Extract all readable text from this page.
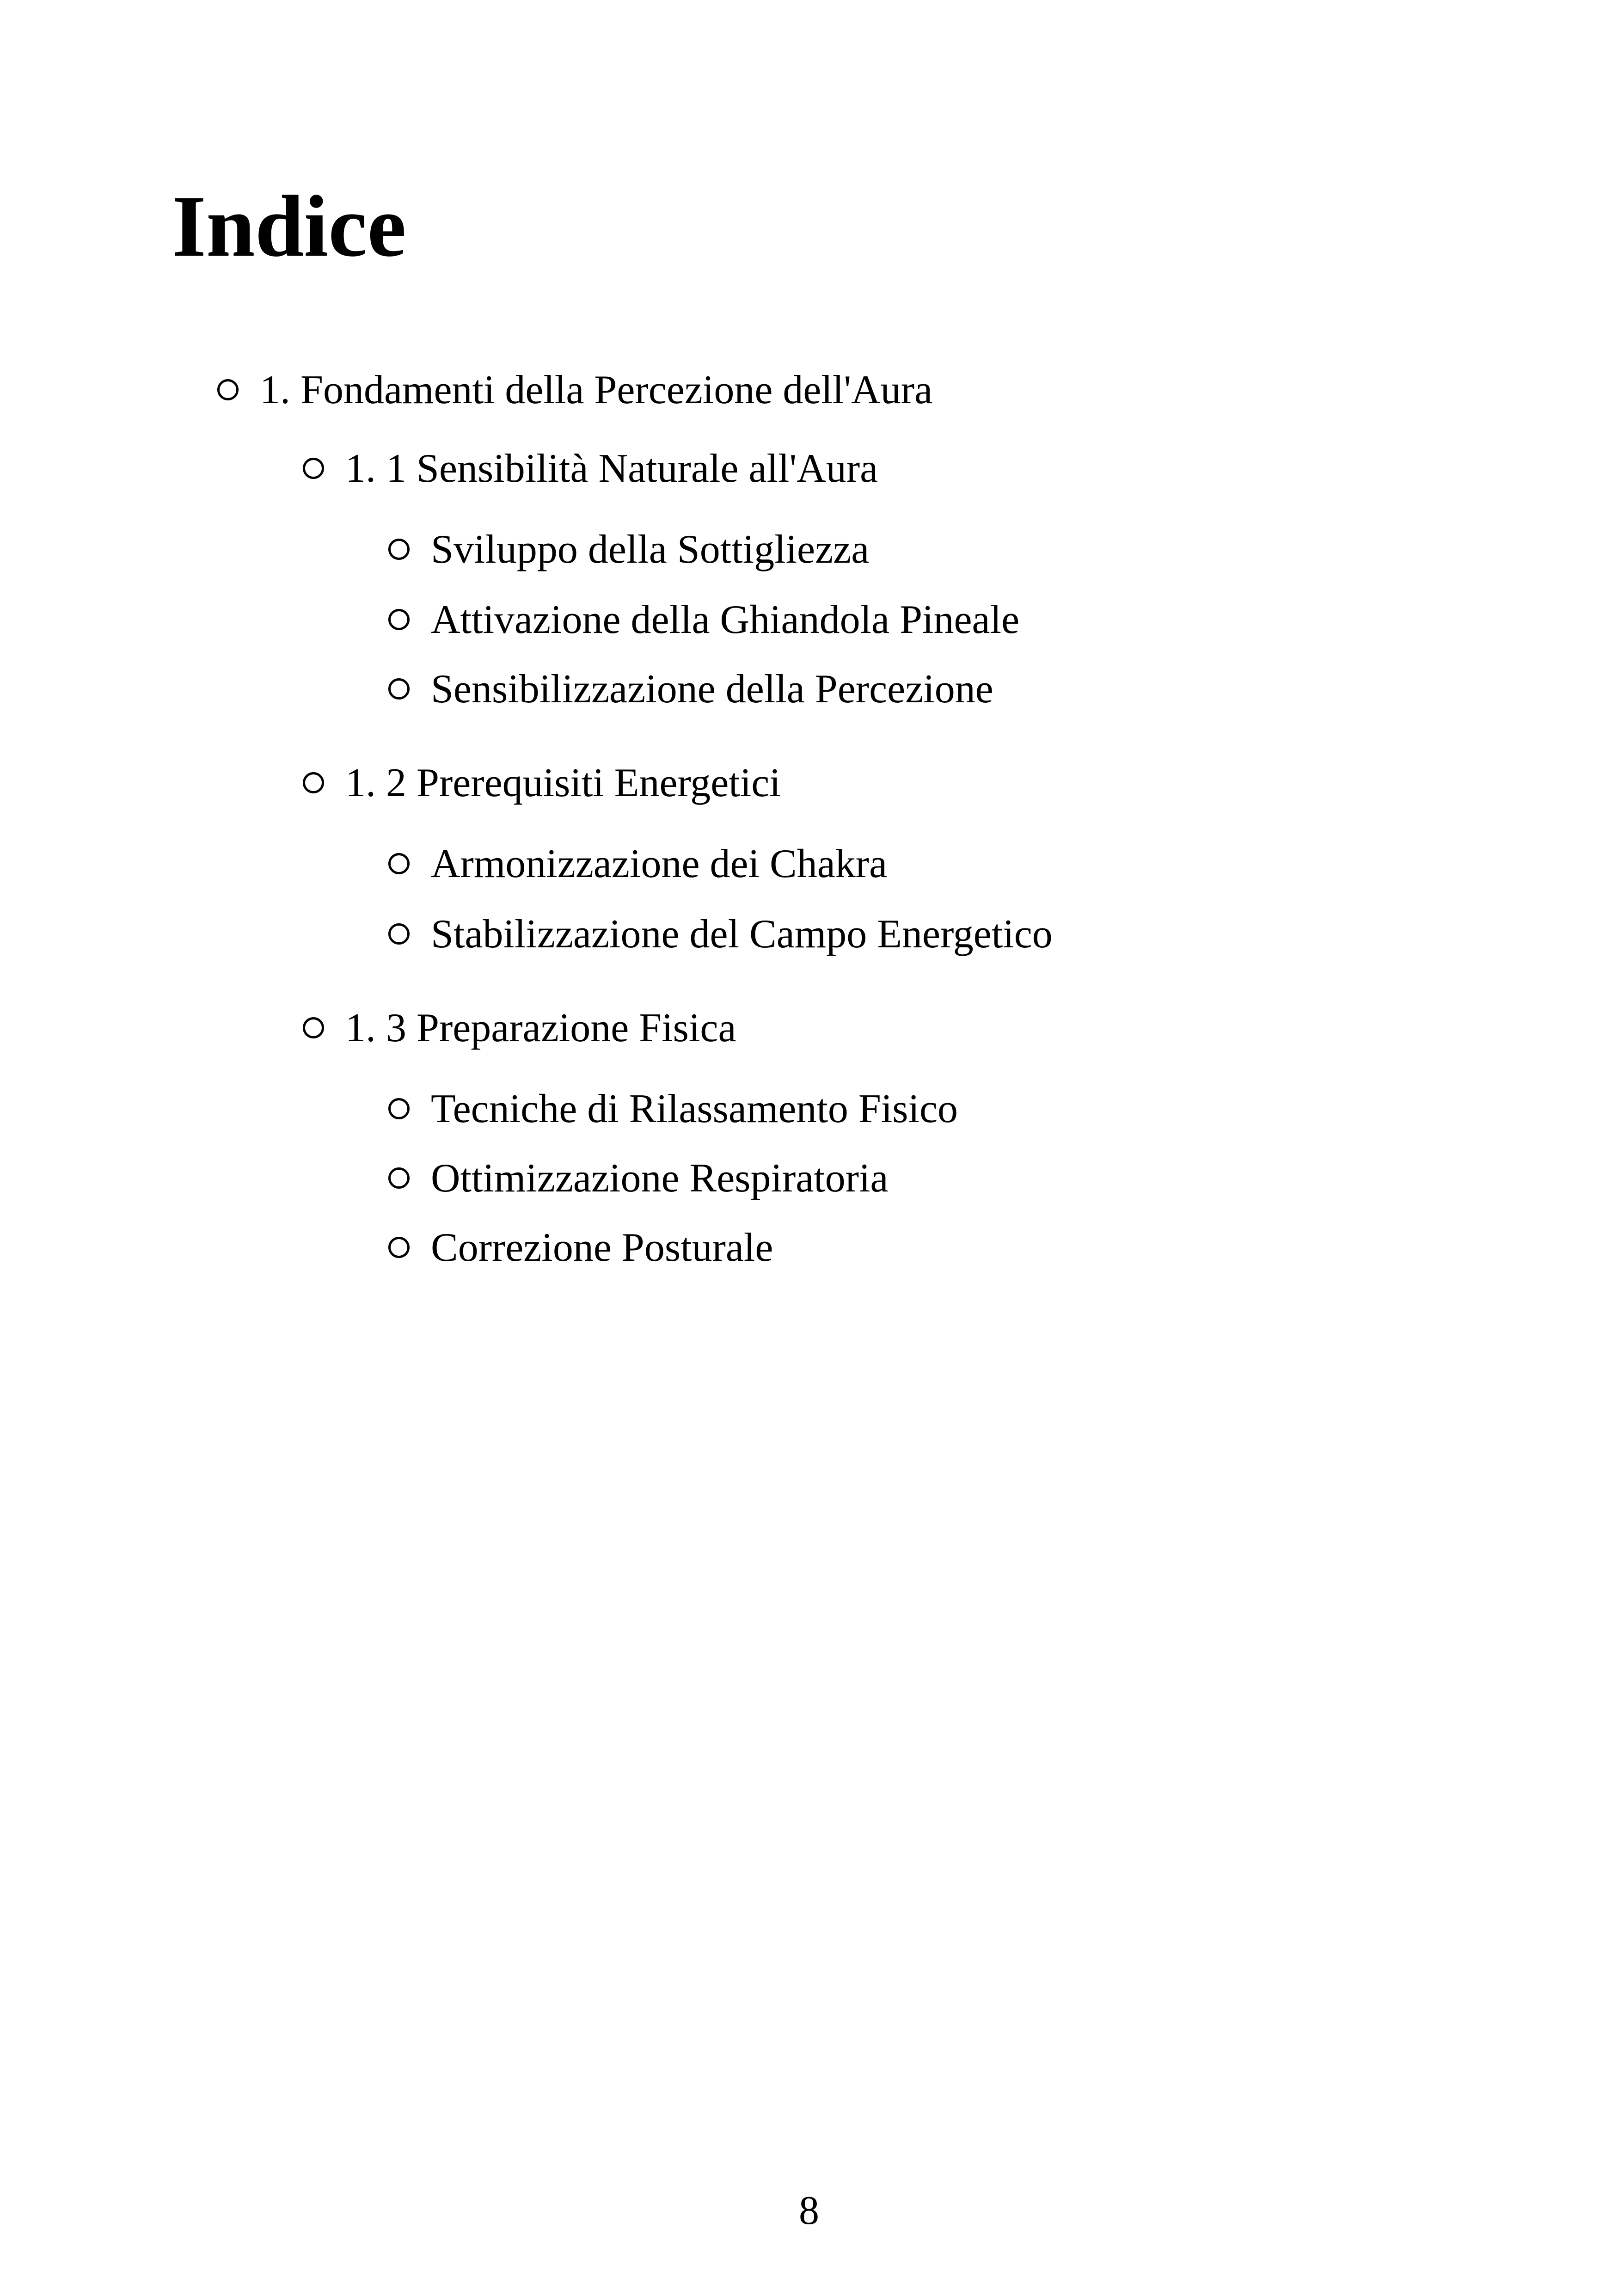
Indice
1. Fondamenti della Percezione dell'Aura
1. 1 Sensibilità Naturale all'Aura
Sviluppo della Sottigliezza
Attivazione della Ghiandola Pineale
Sensibilizzazione della Percezione
1. 2 Prerequisiti Energetici
Armonizzazione dei Chakra
Stabilizzazione del Campo Energetico
1. 3 Preparazione Fisica
Tecniche di Rilassamento Fisico
Ottimizzazione Respiratoria
Correzione Posturale
8
